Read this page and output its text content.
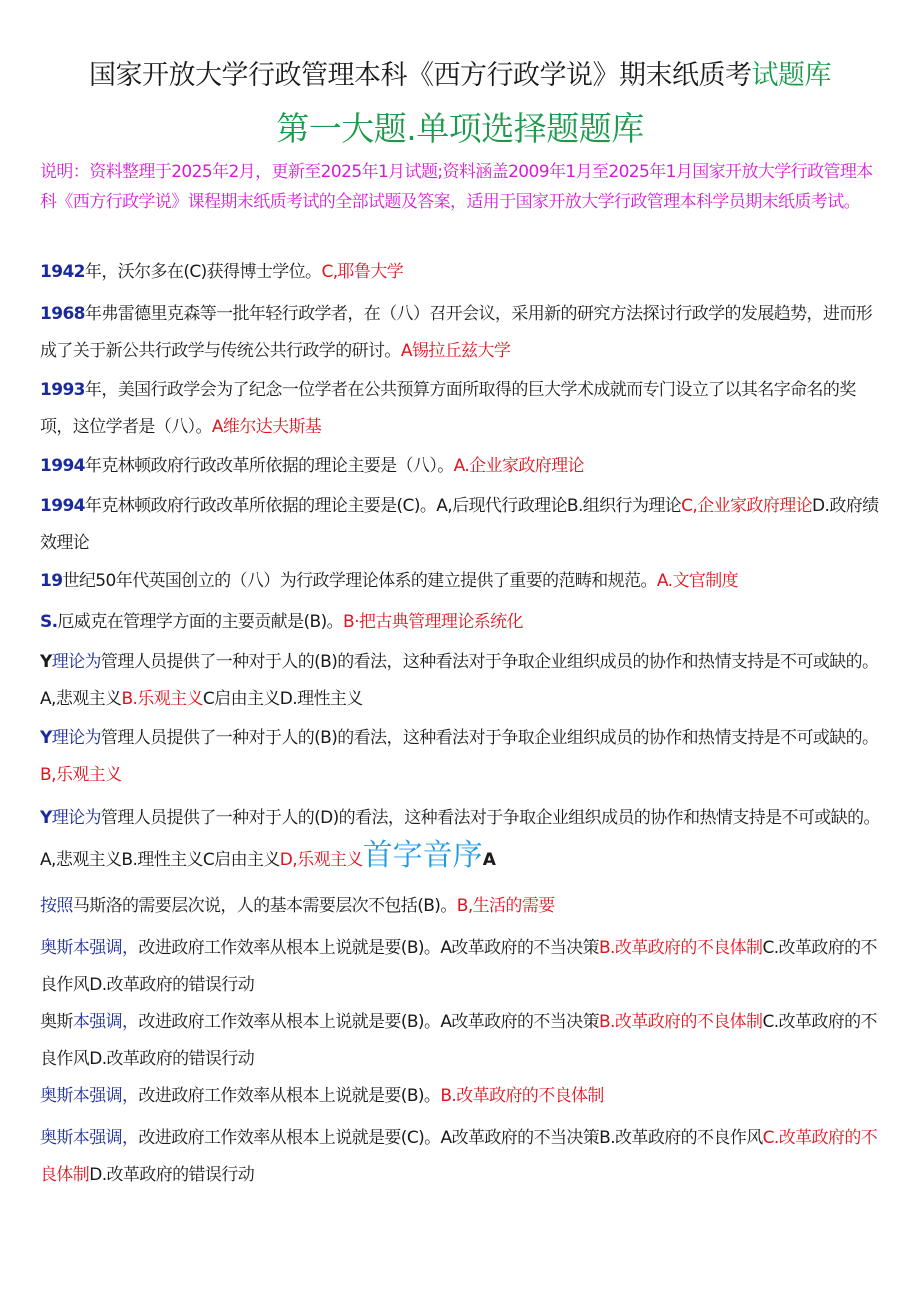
国家开放大学行政管理本科《西方行政学说》期末纸质考试题库
第一大题.单项选择题题库
说明：资料整理于2025年2月，更新至2025年1月试题;资料涵盖2009年1月至2025年1月国家开放大学行政管理本科《西方行政学说》课程期末纸质考试的全部试题及答案，适用于国家开放大学行政管理本科学员期末纸质考试。
1942年，沃尔多在(C)获得博士学位。C,耶鲁大学
1968年弗雷德里克森等一批年轻行政学者，在（八）召开会议，采用新的研究方法探讨行政学的发展趋势，进而形成了关于新公共行政学与传统公共行政学的研讨。A锡拉丘兹大学
1993年，美国行政学会为了纪念一位学者在公共预算方面所取得的巨大学术成就而专门设立了以其名字命名的奖项，这位学者是（八）。A维尔达夫斯基
1994年克林顿政府行政改革所依据的理论主要是（八）。A.企业家政府理论
1994年克林顿政府行政改革所依据的理论主要是(C)。A,后现代行政理论B.组织行为理论C,企业家政府理论D.政府绩效理论
19世纪50年代英国创立的（八）为行政学理论体系的建立提供了重要的范畴和规范。A.文官制度
S.厄威克在管理学方面的主要贡献是(B)。B·把古典管理理论系统化
Y理论为管理人员提供了一种对于人的(B)的看法，这种看法对于争取企业组织成员的协作和热情支持是不可或缺的。A,悲观主义B.乐观主义C启由主义D.理性主义
Y理论为管理人员提供了一种对于人的(B)的看法，这种看法对于争取企业组织成员的协作和热情支持是不可或缺的。B,乐观主义
Y理论为管理人员提供了一种对于人的(D)的看法，这种看法对于争取企业组织成员的协作和热情支持是不可或缺的。A,悲观主义B.理性主义C启由主义D,乐观主义首字音序A
按照马斯洛的需要层次说，人的基本需要层次不包括(B)。B,生活的需要
奥斯本强调，改进政府工作效率从根本上说就是要(B)。A改革政府的不当决策B.改革政府的不良体制C.改革政府的不良作风D.改革政府的错误行动
奥斯本强调，改进政府工作效率从根本上说就是要(B)。A改革政府的不当决策B.改革政府的不良体制C.改革政府的不良作风D.改革政府的错误行动
奥斯本强调，改进政府工作效率从根本上说就是要(B)。B.改革政府的不良体制
奥斯本强调，改进政府工作效率从根本上说就是要(C)。A改革政府的不当决策B.改革政府的不良作风C.改革政府的不良体制D.改革政府的错误行动
